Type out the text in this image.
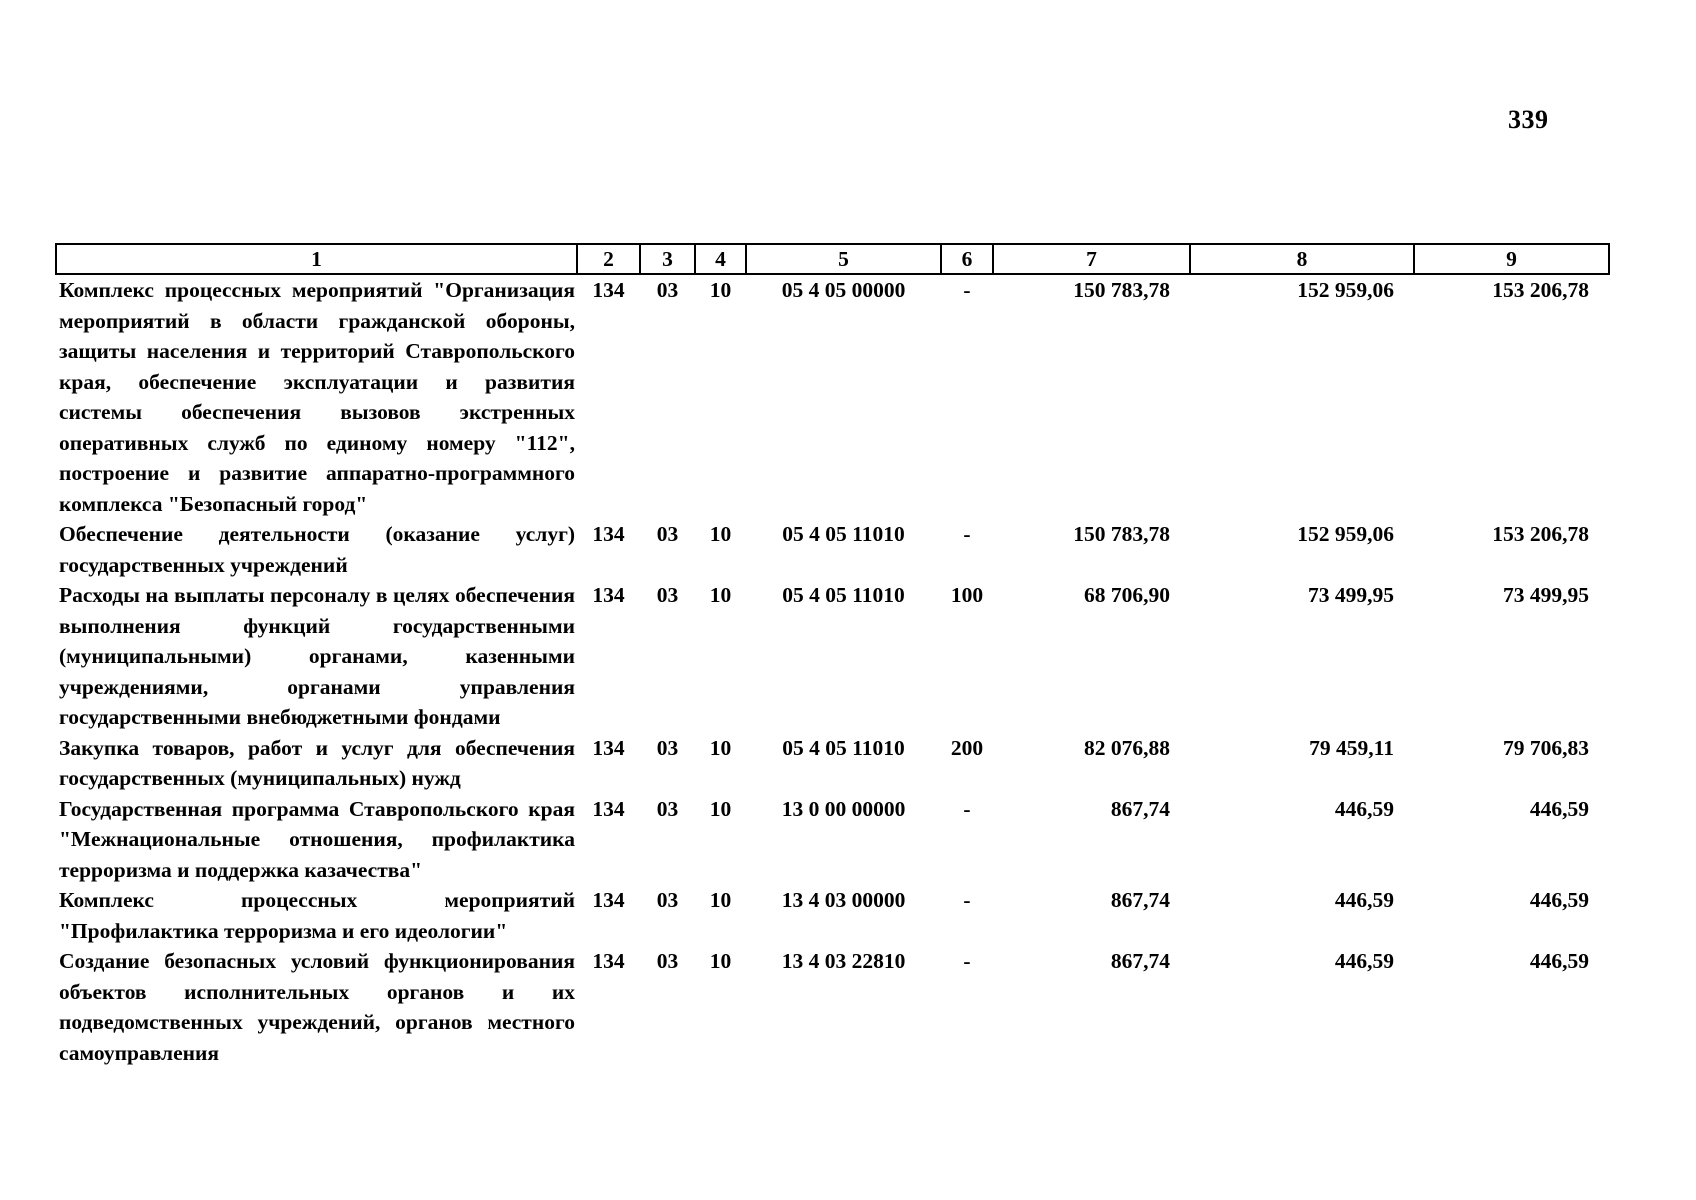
339
1	2	3	4	5	6	7	8	9
Комплекс процессных мероприятий "Организация мероприятий в области гражданской обороны, защиты населения и территорий Ставропольского края, обеспечение эксплуатации и развития системы обеспечения вызовов экстренных оперативных служб по единому номеру "112", построение и развитие аппаратно-программного комплекса "Безопасный город"	134	03	10	05 4 05 00000	-	150 783,78	152 959,06	153 206,78
Обеспечение деятельности (оказание услуг) государственных учреждений	134	03	10	05 4 05 11010	-	150 783,78	152 959,06	153 206,78
Расходы на выплаты персоналу в целях обеспечения выполнения функций государственными (муниципальными) органами, казенными учреждениями, органами управления государственными внебюджетными фондами	134	03	10	05 4 05 11010	100	68 706,90	73 499,95	73 499,95
Закупка товаров, работ и услуг для обеспечения государственных (муниципальных) нужд	134	03	10	05 4 05 11010	200	82 076,88	79 459,11	79 706,83
Государственная программа Ставропольского края "Межнациональные отношения, профилактика терроризма и поддержка казачества"	134	03	10	13 0 00 00000	-	867,74	446,59	446,59
Комплекс процессных мероприятий "Профилактика терроризма и его идеологии"	134	03	10	13 4 03 00000	-	867,74	446,59	446,59
Создание безопасных условий функционирования объектов исполнительных органов и их подведомственных учреждений, органов местного самоуправления	134	03	10	13 4 03 22810	-	867,74	446,59	446,59
